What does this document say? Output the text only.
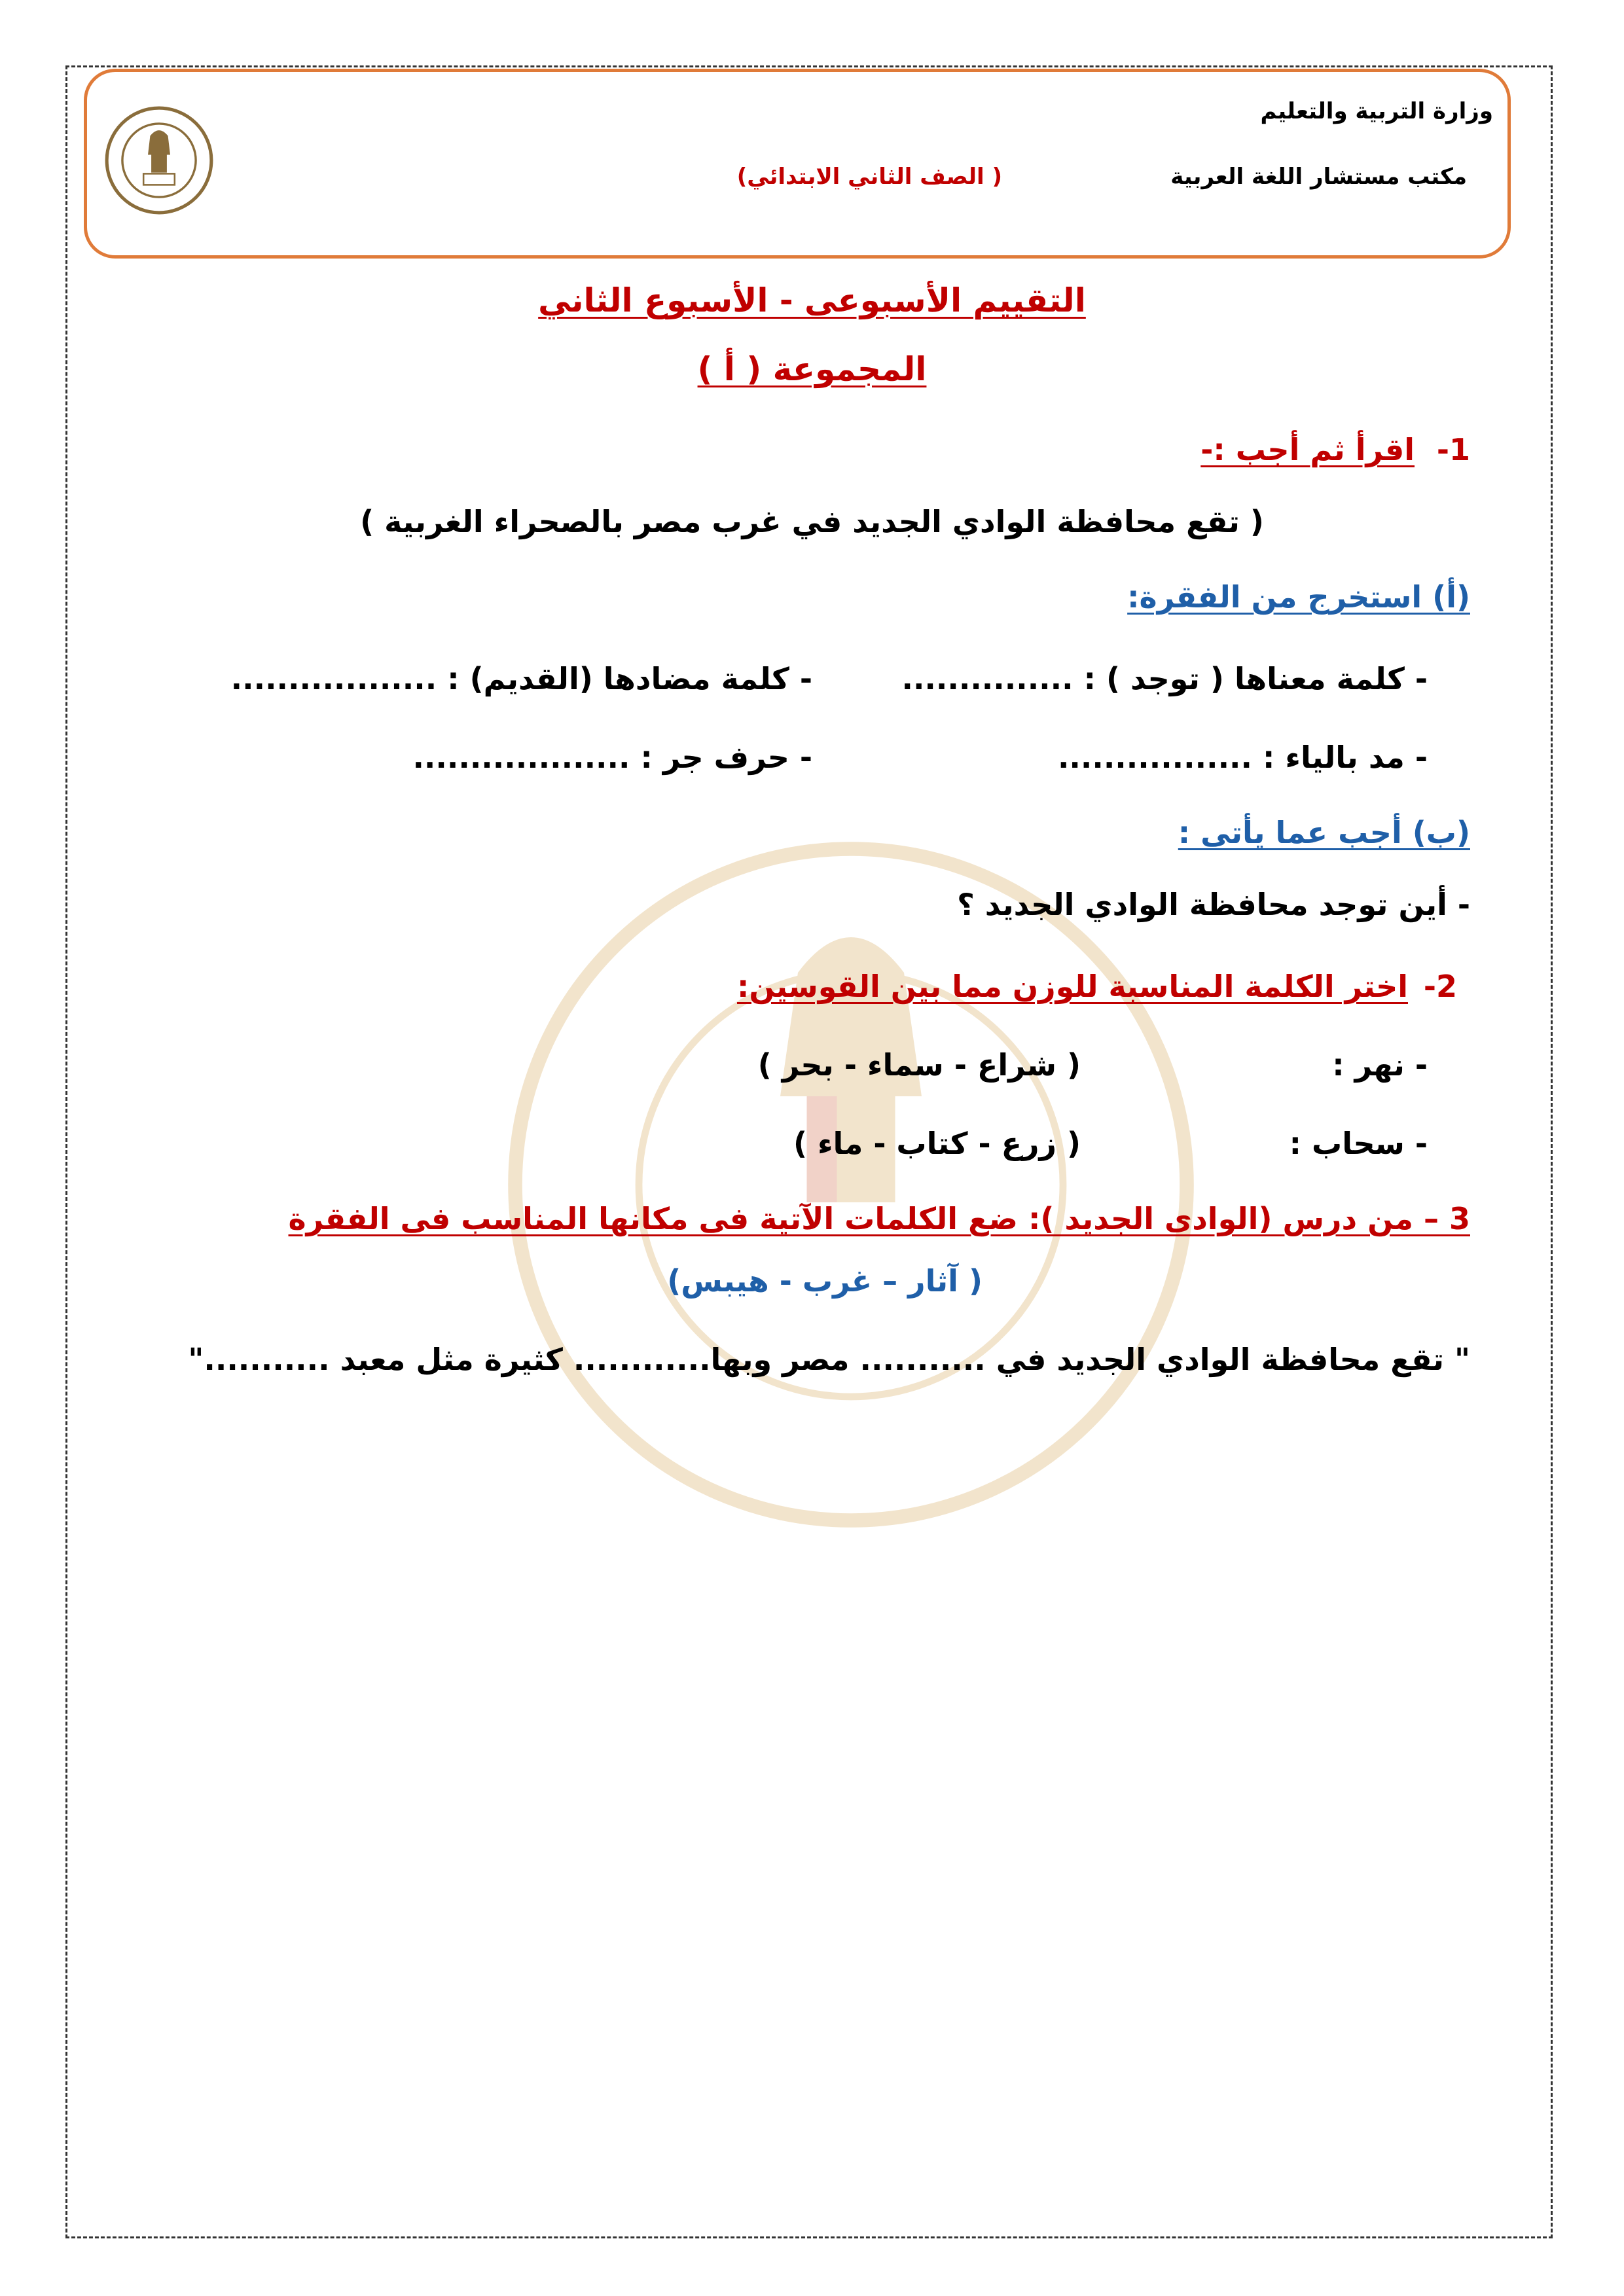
وزارة التربية والتعليم
مكتب مستشار اللغة العربية
( الصف الثاني الابتدائي)
التقييم الأسبوعى - الأسبوع الثاني
المجموعة ( أ )
1-
اقرأ ثم أجب :-
( تقع محافظة الوادي الجديد في غرب مصر بالصحراء الغربية )
(أ) استخرج من الفقرة:
- كلمة معناها ( توجد ) : ...............
- كلمة مضادها (القديم) : ..................
- مد بالياء : .................
- حرف جر : ...................
(ب) أجب عما يأتى :
- أين توجد محافظة الوادي الجديد ؟
2-
اختر الكلمة المناسبة للوزن مما بين القوسين:
- نهر :
( شراع - سماء - بحر )
- سحاب :
( زرع - كتاب - ماء )
3 – من درس (الوادى الجديد ): ضع الكلمات الآتية فى مكانها المناسب فى الفقرة
( آثار – غرب - هيبس)
" تقع محافظة الوادي الجديد في ........... مصر وبها............ كثيرة مثل معبد ..........."
